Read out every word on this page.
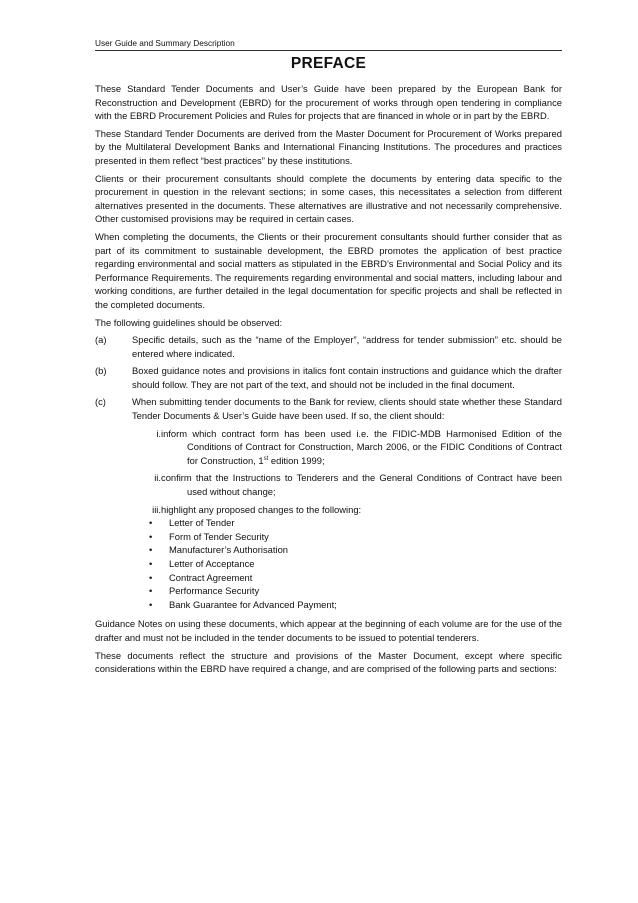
User Guide and Summary Description
PREFACE

These Standard Tender Documents and User’s Guide have been prepared by the European Bank for Reconstruction and Development (EBRD) for the procurement of works through open tendering in compliance with the EBRD Procurement Policies and Rules for projects that are financed in whole or in part by the EBRD.

These Standard Tender Documents are derived from the Master Document for Procurement of Works prepared by the Multilateral Development Banks and International Financing Institutions. The procedures and practices presented in them reflect “best practices” by these institutions.

Clients or their procurement consultants should complete the documents by entering data specific to the procurement in question in the relevant sections; in some cases, this necessitates a selection from different alternatives presented in the documents. These alternatives are illustrative and not necessarily comprehensive. Other customised provisions may be required in certain cases.

When completing the documents, the Clients or their procurement consultants should further consider that as part of its commitment to sustainable development, the EBRD promotes the application of best practice regarding environmental and social matters as stipulated in the EBRD’s Environmental and Social Policy and its Performance Requirements. The requirements regarding environmental and social matters, including labour and working conditions, are further detailed in the legal documentation for specific projects and shall be reflected in the completed documents.

The following guidelines should be observed:

(a)	Specific details, such as the “name of the Employer”, “address for tender submission” etc. should be entered where indicated.
(b)	Boxed guidance notes and provisions in italics font contain instructions and guidance which the drafter should follow. They are not part of the text, and should not be included in the final document.
(c)	When submitting tender documents to the Bank for review, clients should state whether these Standard Tender Documents & User’s Guide have been used. If so, the client should:
i. inform which contract form has been used i.e. the FIDIC-MDB Harmonised Edition of the Conditions of Contract for Construction, March 2006, or the FIDIC Conditions of Contract for Construction, 1st edition 1999;
ii. confirm that the Instructions to Tenderers and the General Conditions of Contract have been used without change;
iii. highlight any proposed changes to the following:
• Letter of Tender
• Form of Tender Security
• Manufacturer’s Authorisation
• Letter of Acceptance
• Contract Agreement
• Performance Security
• Bank Guarantee for Advanced Payment;

Guidance Notes on using these documents, which appear at the beginning of each volume are for the use of the drafter and must not be included in the tender documents to be issued to potential tenderers.

These documents reflect the structure and provisions of the Master Document, except where specific considerations within the EBRD have required a change, and are comprised of the following parts and sections:
